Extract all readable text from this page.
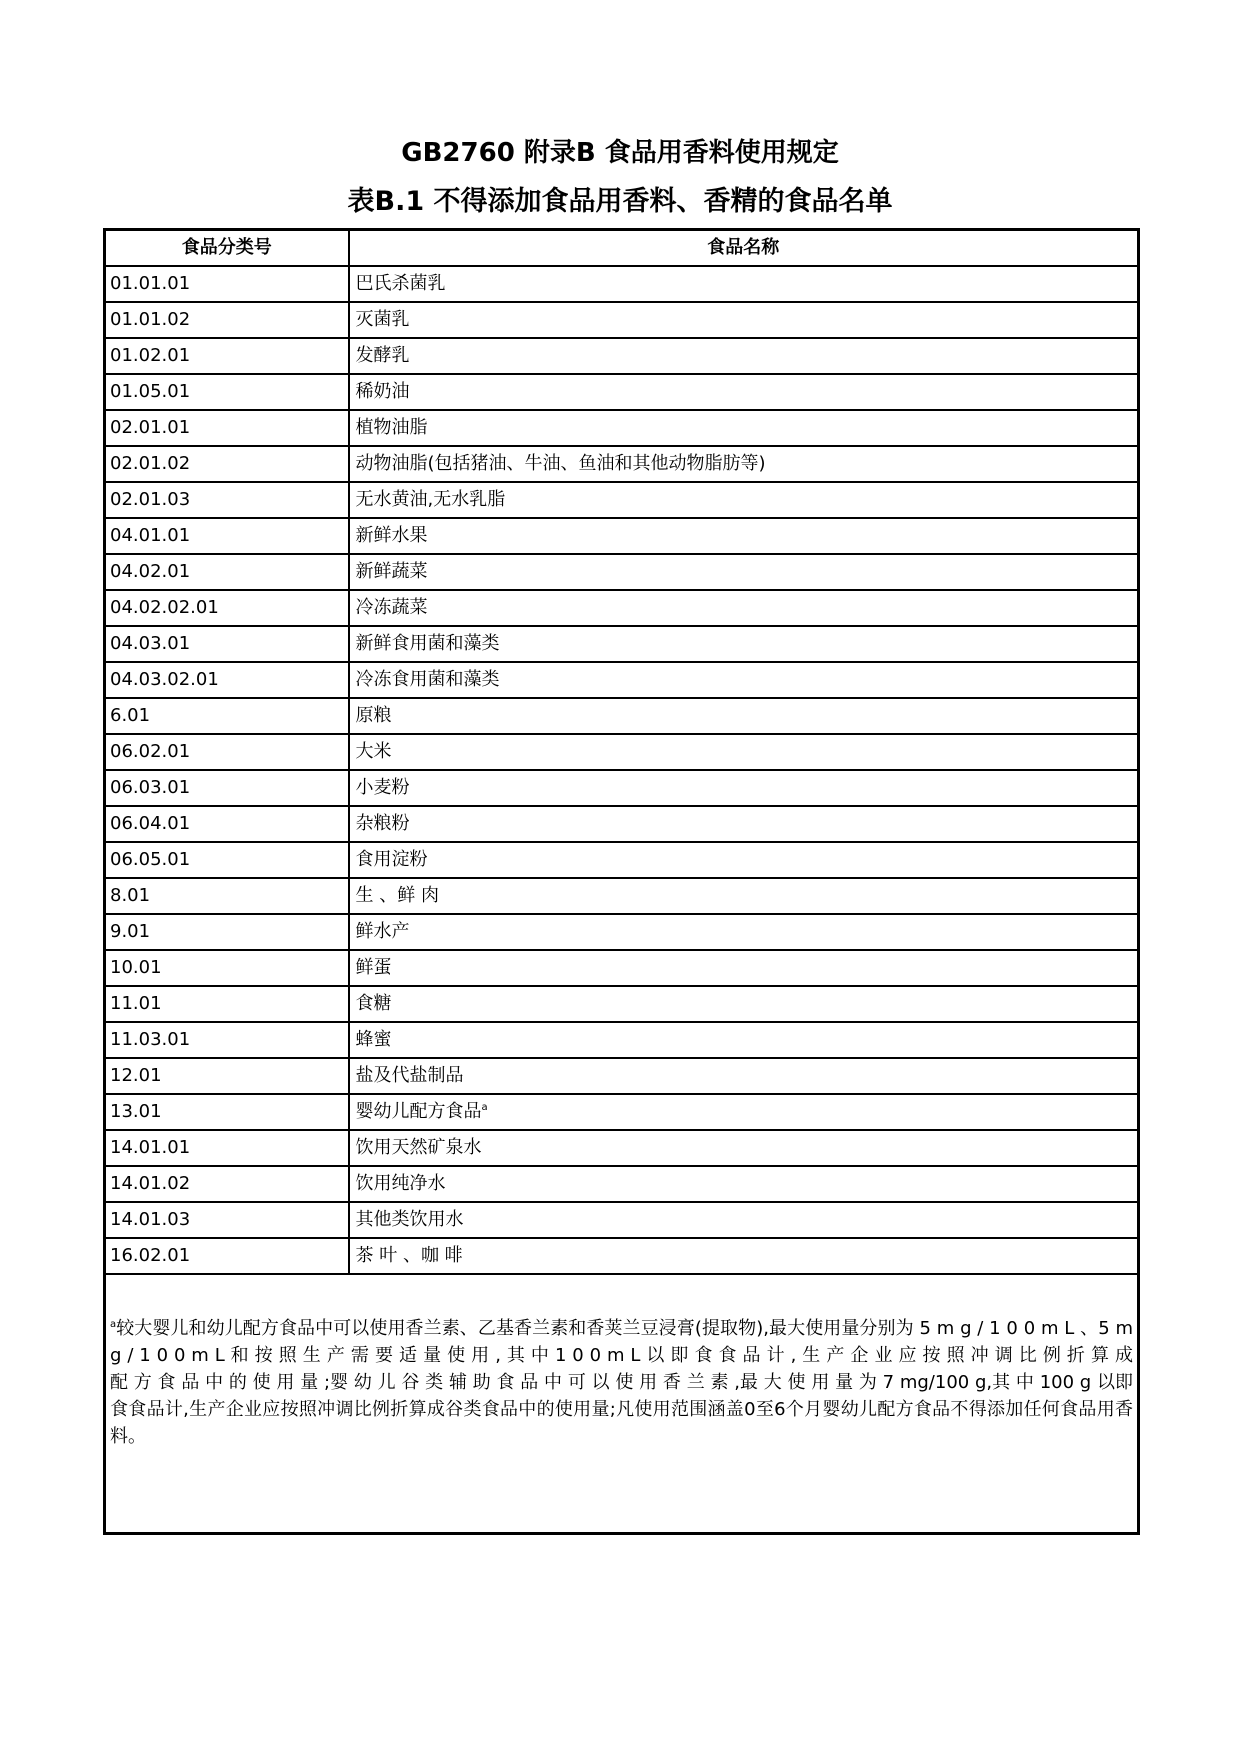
GB2760 附录B 食品用香料使用规定
表B.1 不得添加食品用香料、香精的食品名单
食品分类号	食品名称
01.01.01	巴氏杀菌乳
01.01.02	灭菌乳
01.02.01	发酵乳
01.05.01	稀奶油
02.01.01	植物油脂
02.01.02	动物油脂(包括猪油、牛油、鱼油和其他动物脂肪等)
02.01.03	无水黄油,无水乳脂
04.01.01	新鲜水果
04.02.01	新鲜蔬菜
04.02.02.01	冷冻蔬菜
04.03.01	新鲜食用菌和藻类
04.03.02.01	冷冻食用菌和藻类
6.01	原粮
06.02.01	大米
06.03.01	小麦粉
06.04.01	杂粮粉
06.05.01	食用淀粉
8.01	生 、鲜 肉
9.01	鲜水产
10.01	鲜蛋
11.01	食糖
11.03.01	蜂蜜
12.01	盐及代盐制品
13.01	婴幼儿配方食品$^a$
14.01.01	饮用天然矿泉水
14.01.02	饮用纯净水
14.01.03	其他类饮用水
16.02.01	茶 叶 、咖 啡
$^a$较大婴儿和幼儿配方食品中可以使用香兰素、乙基香兰素和香荚兰豆浸膏(提取物),最大使用量分别为 5 m g / 1 0 0 m L 、5 m g / 1 0 0 m L 和 按 照 生 产 需 要 适 量 使 用 , 其 中 1 0 0 m L 以 即 食 食 品 计 , 生 产 企 业 应 按 照 冲 调 比 例 折 算 成 配 方 食 品 中 的 使 用 量 ;婴 幼 儿 谷 类 辅 助 食 品 中 可 以 使 用 香 兰 素 ,最 大 使 用 量 为 7 mg/100 g,其 中 100 g 以即食食品计,生产企业应按照冲调比例折算成谷类食品中的使用量;凡使用范围涵盖0至6个月婴幼儿配方食品不得添加任何食品用香料。	
